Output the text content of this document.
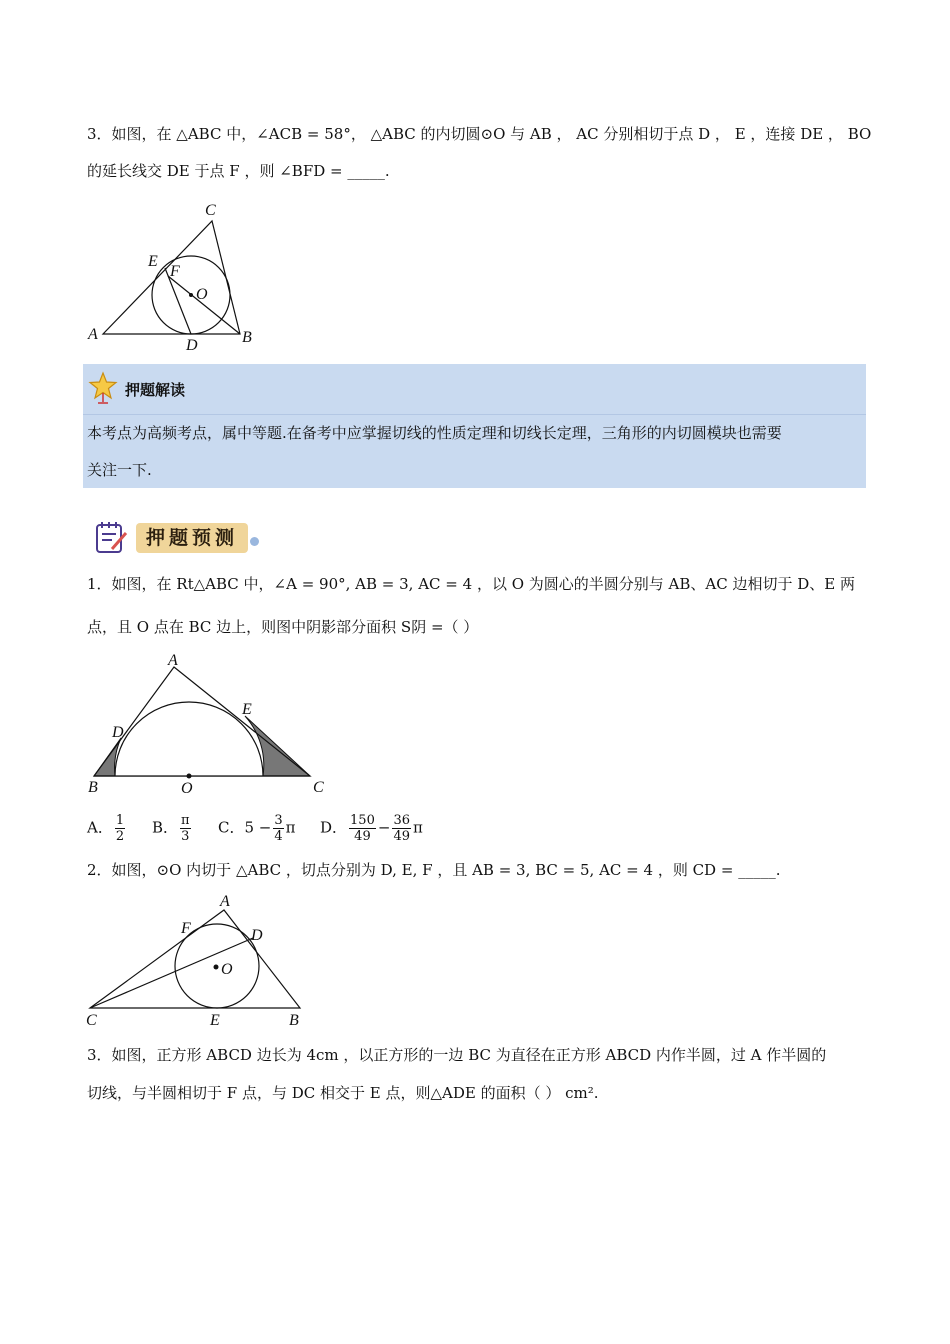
3．如图，在 △ABC 中，∠ACB = 58°， △ABC 的内切圆⊙O 与 AB ， AC 分别相切于点 D ， E ，连接 DE ， BO
的延长线交 DE 于点 F ，则 ∠BFD = _____.
C
E
F
O
A
D	B
押题解读
本考点为高频考点，属中等题.在备考中应掌握切线的性质定理和切线长定理，三角形的内切圆模块也需要
关注一下.
押题预测
1．如图，在 Rt△ABC 中，∠A = 90°, AB = 3, AC = 4 ，以 O 为圆心的半圆分别与 AB、AC 边相切于 D、E 两
点，且 O 点在 BC 边上，则图中阴影部分面积 S阴 =（ ）
A
E
D
B	O	C
A． $\frac{1}{2}$ B． $\frac{\pi}{3}$ C．$5 - \frac{3}{4}$ π D． $\frac{150}{49} - \frac{36}{49}$ π
2．如图，⊙O 内切于 △ABC ，切点分别为 D, E, F ，且 AB = 3, BC = 5, AC = 4 ，则 CD = _____.
A
F	D
O
C	E	B
3．如图，正方形 ABCD 边长为 4cm ，以正方形的一边 BC 为直径在正方形 ABCD 内作半圆，过 A 作半圆的
切线，与半圆相切于 F 点，与 DC 相交于 E 点，则△ADE 的面积（ ） cm².
